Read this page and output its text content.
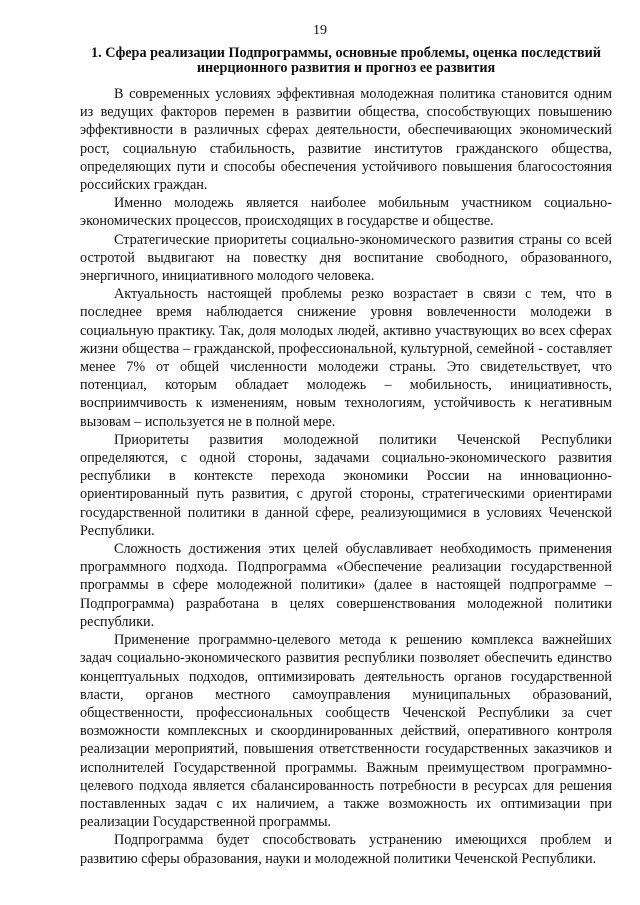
19
1. Сфера реализации Подпрограммы, основные проблемы, оценка последствий инерционного развития и прогноз ее развития

В современных условиях эффективная молодежная политика становится одним из ведущих факторов перемен в развитии общества, способствующих повышению эффективности в различных сферах деятельности, обеспечивающих экономический рост, социальную стабильность, развитие институтов гражданского общества, определяющих пути и способы обеспечения устойчивого повышения благосостояния российских граждан.

Именно молодежь является наиболее мобильным участником социально-экономических процессов, происходящих в государстве и обществе.

Стратегические приоритеты социально-экономического развития страны со всей остротой выдвигают на повестку дня воспитание свободного, образованного, энергичного, инициативного молодого человека.

Актуальность настоящей проблемы резко возрастает в связи с тем, что в последнее время наблюдается снижение уровня вовлеченности молодежи в социальную практику. Так, доля молодых людей, активно участвующих во всех сферах жизни общества – гражданской, профессиональной, культурной, семейной - составляет менее 7% от общей численности молодежи страны. Это свидетельствует, что потенциал, которым обладает молодежь – мобильность, инициативность, восприимчивость к изменениям, новым технологиям, устойчивость к негативным вызовам – используется не в полной мере.

Приоритеты развития молодежной политики Чеченской Республики определяются, с одной стороны, задачами социально-экономического развития республики в контексте перехода экономики России на инновационно-ориентированный путь развития, с другой стороны, стратегическими ориентирами государственной политики в данной сфере, реализующимися в условиях Чеченской Республики.

Сложность достижения этих целей обуславливает необходимость применения программного подхода. Подпрограмма «Обеспечение реализации государственной программы в сфере молодежной политики» (далее в настоящей подпрограмме – Подпрограмма) разработана в целях совершенствования молодежной политики республики.

Применение программно-целевого метода к решению комплекса важнейших задач социально-экономического развития республики позволяет обеспечить единство концептуальных подходов, оптимизировать деятельность органов государственной власти, органов местного самоуправления муниципальных образований, общественности, профессиональных сообществ Чеченской Республики за счет возможности комплексных и скоординированных действий, оперативного контроля реализации мероприятий, повышения ответственности государственных заказчиков и исполнителей Государственной программы. Важным преимуществом программно-целевого подхода является сбалансированность потребности в ресурсах для решения поставленных задач с их наличием, а также возможность их оптимизации при реализации Государственной программы.

Подпрограмма будет способствовать устранению имеющихся проблем и развитию сферы образования, науки и молодежной политики Чеченской Республики.
